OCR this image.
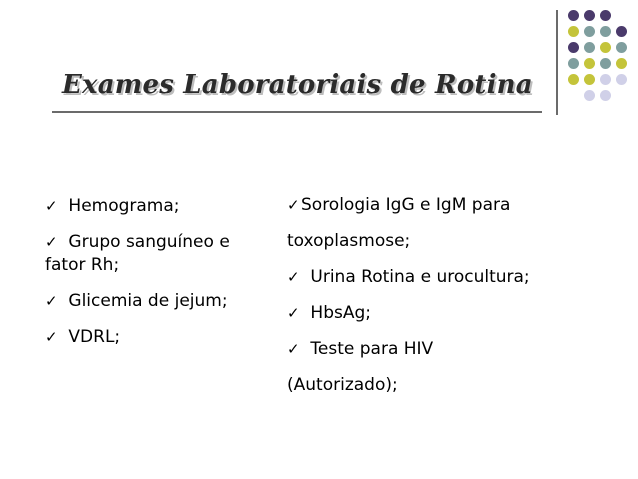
Exames Laboratoriais de Rotina
✓ Hemograma;
✓ Grupo sanguíneo e fator Rh;
✓ Glicemia de jejum;
✓ VDRL;
✓Sorologia IgG e IgM para
toxoplasmose;
✓ Urina Rotina e urocultura;
✓ HbsAg;
✓ Teste para HIV
(Autorizado);
